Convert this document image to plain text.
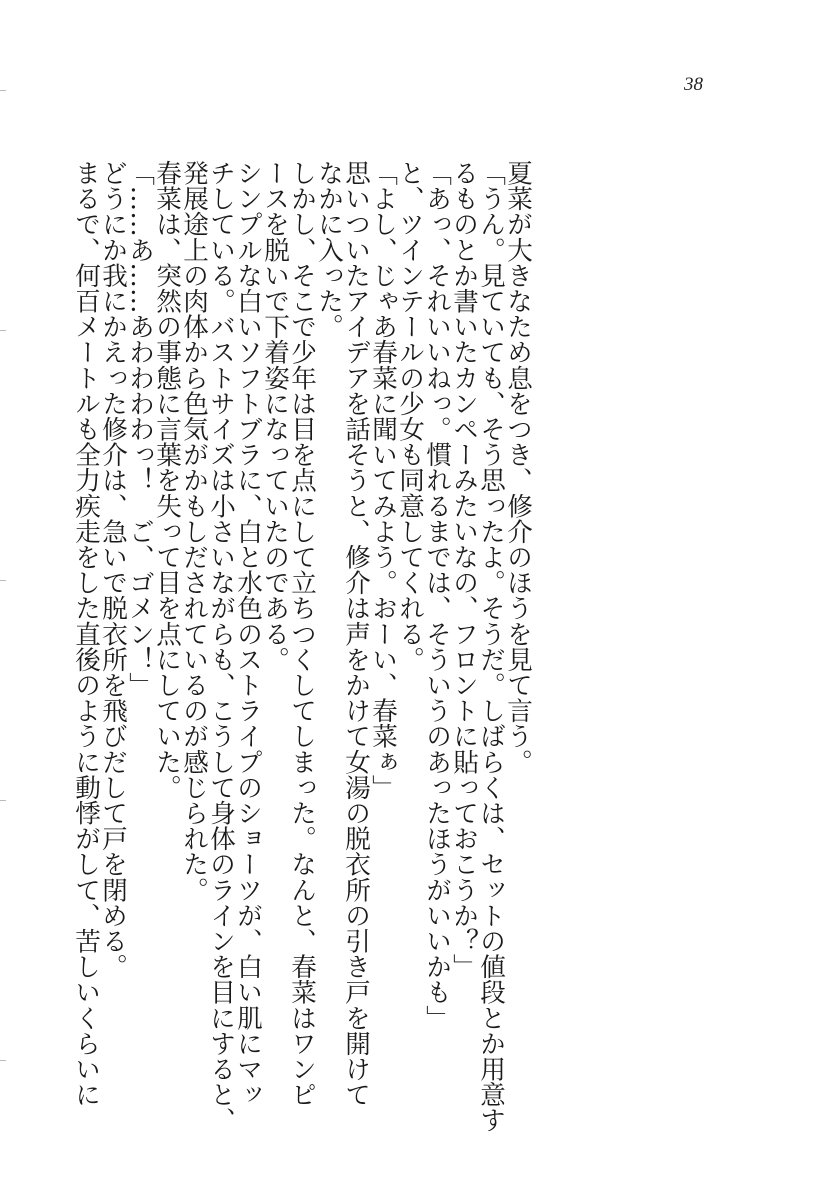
38
夏菜が大きなため息をつき、修介のほうを見て言う。
「うん。見ていても、そう思ったよ。そうだ。しばらくは、セットの値段とか用意す
るものとか書いたカンペーみたいなの、フロントに貼っておこうか？」
「あっ、それいいねっ。慣れるまでは、そういうのあったほうがいいかも」
と、ツインテールの少女も同意してくれる。
「よし、じゃあ春菜に聞いてみよう。おーい、春菜ぁ」
思いついたアイデアを話そうと、修介は声をかけて女湯の脱衣所の引き戸を開けて
なかに入った。
しかし、そこで少年は目を点にして立ちつくしてしまった。なんと、春菜はワンピ
ースを脱いで下着姿になっていたのである。
シンプルな白いソフトブラに、白と水色のストライプのショーツが、白い肌にマッ
チしている。バストサイズは小さいながらも、こうして身体のラインを目にすると、
発展途上の肉体から色気がかもしだされているのが感じられた。
春菜は、突然の事態に言葉を失って目を点にしていた。
「……あ……あわわわわっ！　ご、ゴメン！」
どうにか我にかえった修介は、急いで脱衣所を飛びだして戸を閉める。
まるで、何百メートルも全力疾走をした直後のように動悸がして、苦しいくらいに
